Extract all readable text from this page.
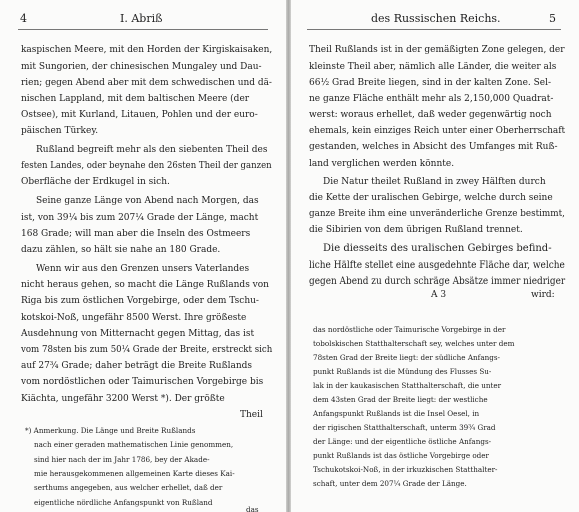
4	I. Abriß
kaspischen Meere, mit den Horden der Kirgiskaisaken,
mit Sungorien, der chinesischen Mungaley und Dau-
rien; gegen Abend aber mit dem schwedischen und dä-
nischen Lappland, mit dem baltischen Meere (der
Ostsee), mit Kurland, Litauen, Pohlen und der euro-
päischen Türkey.
Rußland begreift mehr als den siebenten Theil des
festen Landes, oder beynahe den 26sten Theil der ganzen
Oberfläche der Erdkugel in sich.
Seine ganze Länge von Abend nach Morgen, das
ist, von 39¼ bis zum 207¼ Grade der Länge, macht
168 Grade; will man aber die Inseln des Ostmeers
dazu zählen, so hält sie nahe an 180 Grade.
Wenn wir aus den Grenzen unsers Vaterlandes
nicht heraus gehen, so macht die Länge Rußlands von
Riga bis zum östlichen Vorgebirge, oder dem Tschu-
kotskoi-Noß, ungefähr 8500 Werst. Ihre größeste
Ausdehnung von Mitternacht gegen Mittag, das ist
vom 78sten bis zum 50¼ Grade der Breite, erstreckt sich
auf 27¾ Grade; daher beträgt die Breite Rußlands
vom nordöstlichen oder Taimurischen Vorgebirge bis
Kiächta, ungefähr 3200 Werst *). Der größte
Theil
*) Anmerkung. Die Länge und Breite Rußlands
nach einer geraden mathematischen Linie genommen,
sind hier nach der im Jahr 1786, bey der Akade-
mie herausgekommenen allgemeinen Karte dieses Kai-
serthums angegeben, aus welcher erhellet, daß der
eigentliche nördliche Anfangspunkt von Rußland
das
des Russischen Reichs.	5
Theil Rußlands ist in der gemäßigten Zone gelegen, der
kleinste Theil aber, nämlich alle Länder, die weiter als
66½ Grad Breite liegen, sind in der kalten Zone. Sel-
ne ganze Fläche enthält mehr als 2,150,000 Quadrat-
werst: woraus erhellet, daß weder gegenwärtig noch
ehemals, kein einziges Reich unter einer Oberherrschaft
gestanden, welches in Absicht des Umfanges mit Ruß-
land verglichen werden könnte.
Die Natur theilet Rußland in zwey Hälften durch
die Kette der uralischen Gebirge, welche durch seine
ganze Breite ihm eine unveränderliche Grenze bestimmt,
die Sibirien von dem übrigen Rußland trennet.
Die diesseits des uralischen Gebirges befind-
liche Hälfte stellet eine ausgedehnte Fläche dar, welche
gegen Abend zu durch schräge Absätze immer niedriger
A 3	wird:
das nordöstliche oder Taimurische Vorgebirge in der
tobolskischen Statthalterschaft sey, welches unter dem
78sten Grad der Breite liegt: der südliche Anfangs-
punkt Rußlands ist die Mündung des Flusses Su-
lak in der kaukasischen Statthalterschaft, die unter
dem 43sten Grad der Breite liegt: der westliche
Anfangspunkt Rußlands ist die Insel Oesel, in
der rigischen Statthalterschaft, unterm 39¾ Grad
der Länge: und der eigentliche östliche Anfangs-
punkt Rußlands ist das östliche Vorgebirge oder
Tschukotskoi-Noß, in der irkuzkischen Statthalter-
schaft, unter dem 207¼ Grade der Länge.
